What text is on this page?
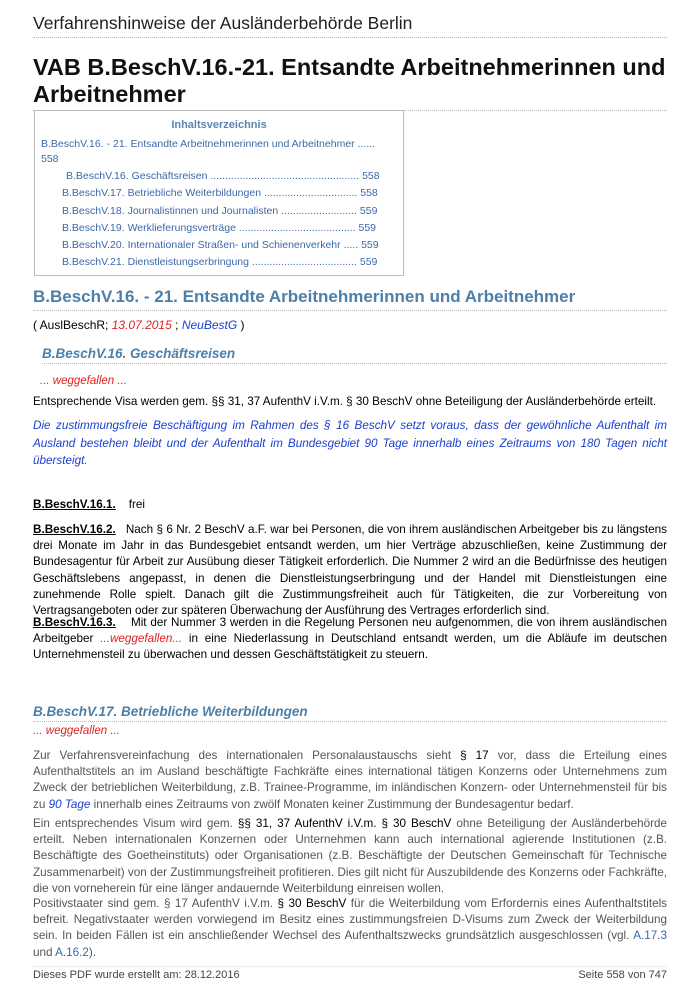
Verfahrenshinweise der Ausländerbehörde Berlin
VAB B.BeschV.16.-21. Entsandte Arbeitnehmerinnen und Arbeitnehmer
Inhaltsverzeichnis
B.BeschV.16. - 21. Entsandte Arbeitnehmerinnen und Arbeitnehmer ......
558
B.BeschV.16. Geschäftsreisen ................................................... 558
B.BeschV.17. Betriebliche Weiterbildungen ................................ 558
B.BeschV.18. Journalistinnen und Journalisten .......................... 559
B.BeschV.19. Werklieferungsverträge ........................................ 559
B.BeschV.20. Internationaler Straßen- und Schienenverkehr ..... 559
B.BeschV.21. Dienstleistungserbringung .................................... 559
B.BeschV.16. - 21. Entsandte Arbeitnehmerinnen und Arbeitnehmer
( AuslBeschR; 13.07.2015 ; NeuBestG )
B.BeschV.16. Geschäftsreisen
... weggefallen ...

Entsprechende Visa werden gem. §§ 31, 37 AufenthV i.V.m. § 30 BeschV ohne Beteiligung der Ausländerbehörde erteilt.

Die zustimmungsfreie Beschäftigung im Rahmen des § 16 BeschV setzt voraus, dass der gewöhnliche Aufenthalt im Ausland bestehen bleibt und der Aufenthalt im Bundesgebiet 90 Tage innerhalb eines Zeitraums von 180 Tagen nicht übersteigt.

B.BeschV.16.1. frei

B.BeschV.16.2. Nach § 6 Nr. 2 BeschV a.F. war bei Personen, die von ihrem ausländischen Arbeitgeber bis zu längstens drei Monate im Jahr in das Bundesgebiet entsandt werden, um hier Verträge abzuschließen, keine Zustimmung der Bundesagentur für Arbeit zur Ausübung dieser Tätigkeit erforderlich. Die Nummer 2 wird an die Bedürfnisse des heutigen Geschäftslebens angepasst, in denen die Dienstleistungserbringung und der Handel mit Dienstleistungen eine zunehmende Rolle spielt. Danach gilt die Zustimmungsfreiheit auch für Tätigkeiten, die zur Vorbereitung von Vertragsangeboten oder zur späteren Überwachung der Ausführung des Vertrages erforderlich sind.

B.BeschV.16.3. Mit der Nummer 3 werden in die Regelung Personen neu aufgenommen, die von ihrem ausländischen Arbeitgeber ...weggefallen... in eine Niederlassung in Deutschland entsandt werden, um die Abläufe im deutschen Unternehmensteil zu überwachen und dessen Geschäftstätigkeit zu steuern.

B.BeschV.17. Betriebliche Weiterbildungen
... weggefallen ...

Zur Verfahrensvereinfachung des internationalen Personalaustauschs sieht § 17 vor, dass die Erteilung eines Aufenthaltstitels an im Ausland beschäftigte Fachkräfte eines international tätigen Konzerns oder Unternehmens zum Zweck der betrieblichen Weiterbildung, z.B. Trainee-Programme, im inländischen Konzern- oder Unternehmensteil für bis zu 90 Tage innerhalb eines Zeitraums von zwölf Monaten keiner Zustimmung der Bundesagentur bedarf.

Ein entsprechendes Visum wird gem. §§ 31, 37 AufenthV i.V.m. § 30 BeschV ohne Beteiligung der Ausländerbehörde erteilt. Neben internationalen Konzernen oder Unternehmen kann auch international agierende Institutionen (z.B. Beschäftigte des Goetheinstituts) oder Organisationen (z.B. Beschäftigte der Deutschen Gemeinschaft für Technische Zusammenarbeit) von der Zustimmungsfreiheit profitieren. Dies gilt nicht für Auszubildende des Konzerns oder Fachkräfte, die von vorneherein für eine länger andauernde Weiterbildung einreisen wollen.

Positivstaater sind gem. § 17 AufenthV i.V.m. § 30 BeschV für die Weiterbildung vom Erfordernis eines Aufenthaltstitels befreit. Negativstaater werden vorwiegend im Besitz eines zustimmungsfreien D-Visums zum Zweck der Weiterbildung sein. In beiden Fällen ist ein anschließender Wechsel des Aufenthaltszwecks grundsätzlich ausgeschlossen (vgl. A.17.3 und A.16.2).

Dieses PDF wurde erstellt am: 28.12.2016	Seite 558 von 747
